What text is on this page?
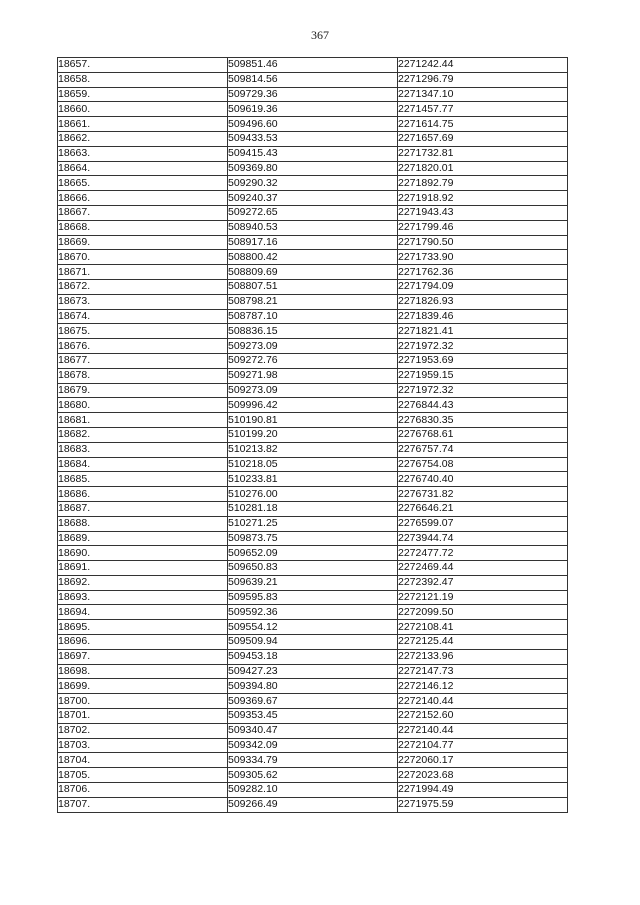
367
18657.	509851.46	2271242.44
18658.	509814.56	2271296.79
18659.	509729.36	2271347.10
18660.	509619.36	2271457.77
18661.	509496.60	2271614.75
18662.	509433.53	2271657.69
18663.	509415.43	2271732.81
18664.	509369.80	2271820.01
18665.	509290.32	2271892.79
18666.	509240.37	2271918.92
18667.	509272.65	2271943.43
18668.	508940.53	2271799.46
18669.	508917.16	2271790.50
18670.	508800.42	2271733.90
18671.	508809.69	2271762.36
18672.	508807.51	2271794.09
18673.	508798.21	2271826.93
18674.	508787.10	2271839.46
18675.	508836.15	2271821.41
18676.	509273.09	2271972.32
18677.	509272.76	2271953.69
18678.	509271.98	2271959.15
18679.	509273.09	2271972.32
18680.	509996.42	2276844.43
18681.	510190.81	2276830.35
18682.	510199.20	2276768.61
18683.	510213.82	2276757.74
18684.	510218.05	2276754.08
18685.	510233.81	2276740.40
18686.	510276.00	2276731.82
18687.	510281.18	2276646.21
18688.	510271.25	2276599.07
18689.	509873.75	2273944.74
18690.	509652.09	2272477.72
18691.	509650.83	2272469.44
18692.	509639.21	2272392.47
18693.	509595.83	2272121.19
18694.	509592.36	2272099.50
18695.	509554.12	2272108.41
18696.	509509.94	2272125.44
18697.	509453.18	2272133.96
18698.	509427.23	2272147.73
18699.	509394.80	2272146.12
18700.	509369.67	2272140.44
18701.	509353.45	2272152.60
18702.	509340.47	2272140.44
18703.	509342.09	2272104.77
18704.	509334.79	2272060.17
18705.	509305.62	2272023.68
18706.	509282.10	2271994.49
18707.	509266.49	2271975.59
